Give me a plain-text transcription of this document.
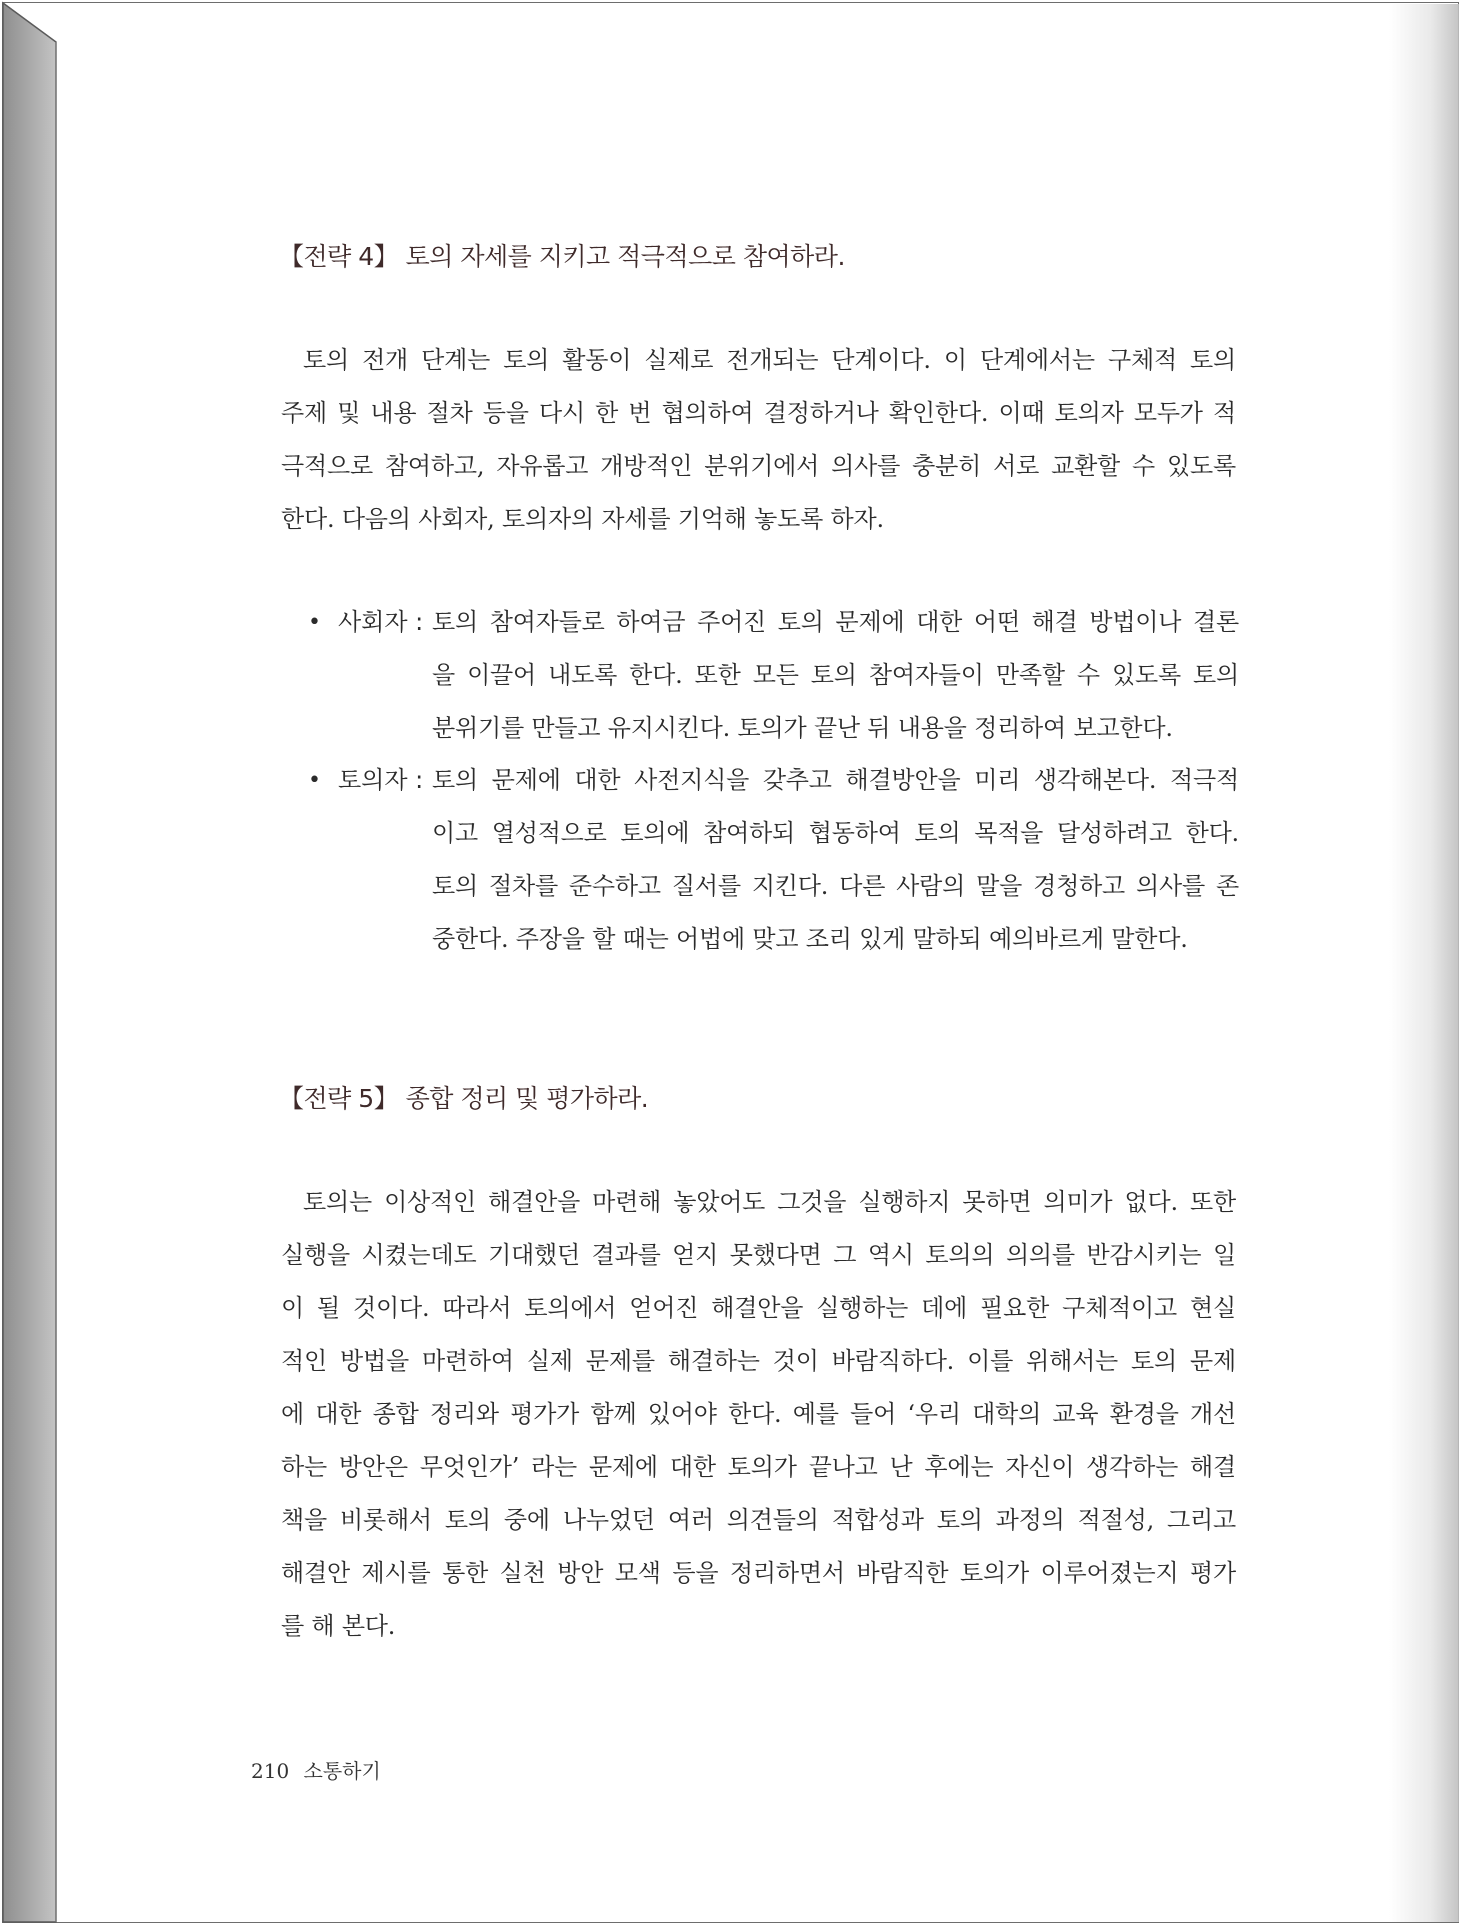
【전략 4】 토의 자세를 지키고 적극적으로 참여하라.
토의 전개 단계는 토의 활동이 실제로 전개되는 단계이다. 이 단계에서는 구체적 토의
주제 및 내용 절차 등을 다시 한 번 협의하여 결정하거나 확인한다. 이때 토의자 모두가 적
극적으로 참여하고, 자유롭고 개방적인 분위기에서 의사를 충분히 서로 교환할 수 있도록
한다. 다음의 사회자, 토의자의 자세를 기억해 놓도록 하자.
• 사회자 : 토의 참여자들로 하여금 주어진 토의 문제에 대한 어떤 해결 방법이나 결론
을 이끌어 내도록 한다. 또한 모든 토의 참여자들이 만족할 수 있도록 토의
분위기를 만들고 유지시킨다. 토의가 끝난 뒤 내용을 정리하여 보고한다.
• 토의자 : 토의 문제에 대한 사전지식을 갖추고 해결방안을 미리 생각해본다. 적극적
이고 열성적으로 토의에 참여하되 협동하여 토의 목적을 달성하려고 한다.
토의 절차를 준수하고 질서를 지킨다. 다른 사람의 말을 경청하고 의사를 존
중한다. 주장을 할 때는 어법에 맞고 조리 있게 말하되 예의바르게 말한다.
【전략 5】 종합 정리 및 평가하라.
토의는 이상적인 해결안을 마련해 놓았어도 그것을 실행하지 못하면 의미가 없다. 또한
실행을 시켰는데도 기대했던 결과를 얻지 못했다면 그 역시 토의의 의의를 반감시키는 일
이 될 것이다. 따라서 토의에서 얻어진 해결안을 실행하는 데에 필요한 구체적이고 현실
적인 방법을 마련하여 실제 문제를 해결하는 것이 바람직하다. 이를 위해서는 토의 문제
에 대한 종합 정리와 평가가 함께 있어야 한다. 예를 들어 ‘우리 대학의 교육 환경을 개선
하는 방안은 무엇인가’ 라는 문제에 대한 토의가 끝나고 난 후에는 자신이 생각하는 해결
책을 비롯해서 토의 중에 나누었던 여러 의견들의 적합성과 토의 과정의 적절성, 그리고
해결안 제시를 통한 실천 방안 모색 등을 정리하면서 바람직한 토의가 이루어졌는지 평가
를 해 본다.
210 소통하기
